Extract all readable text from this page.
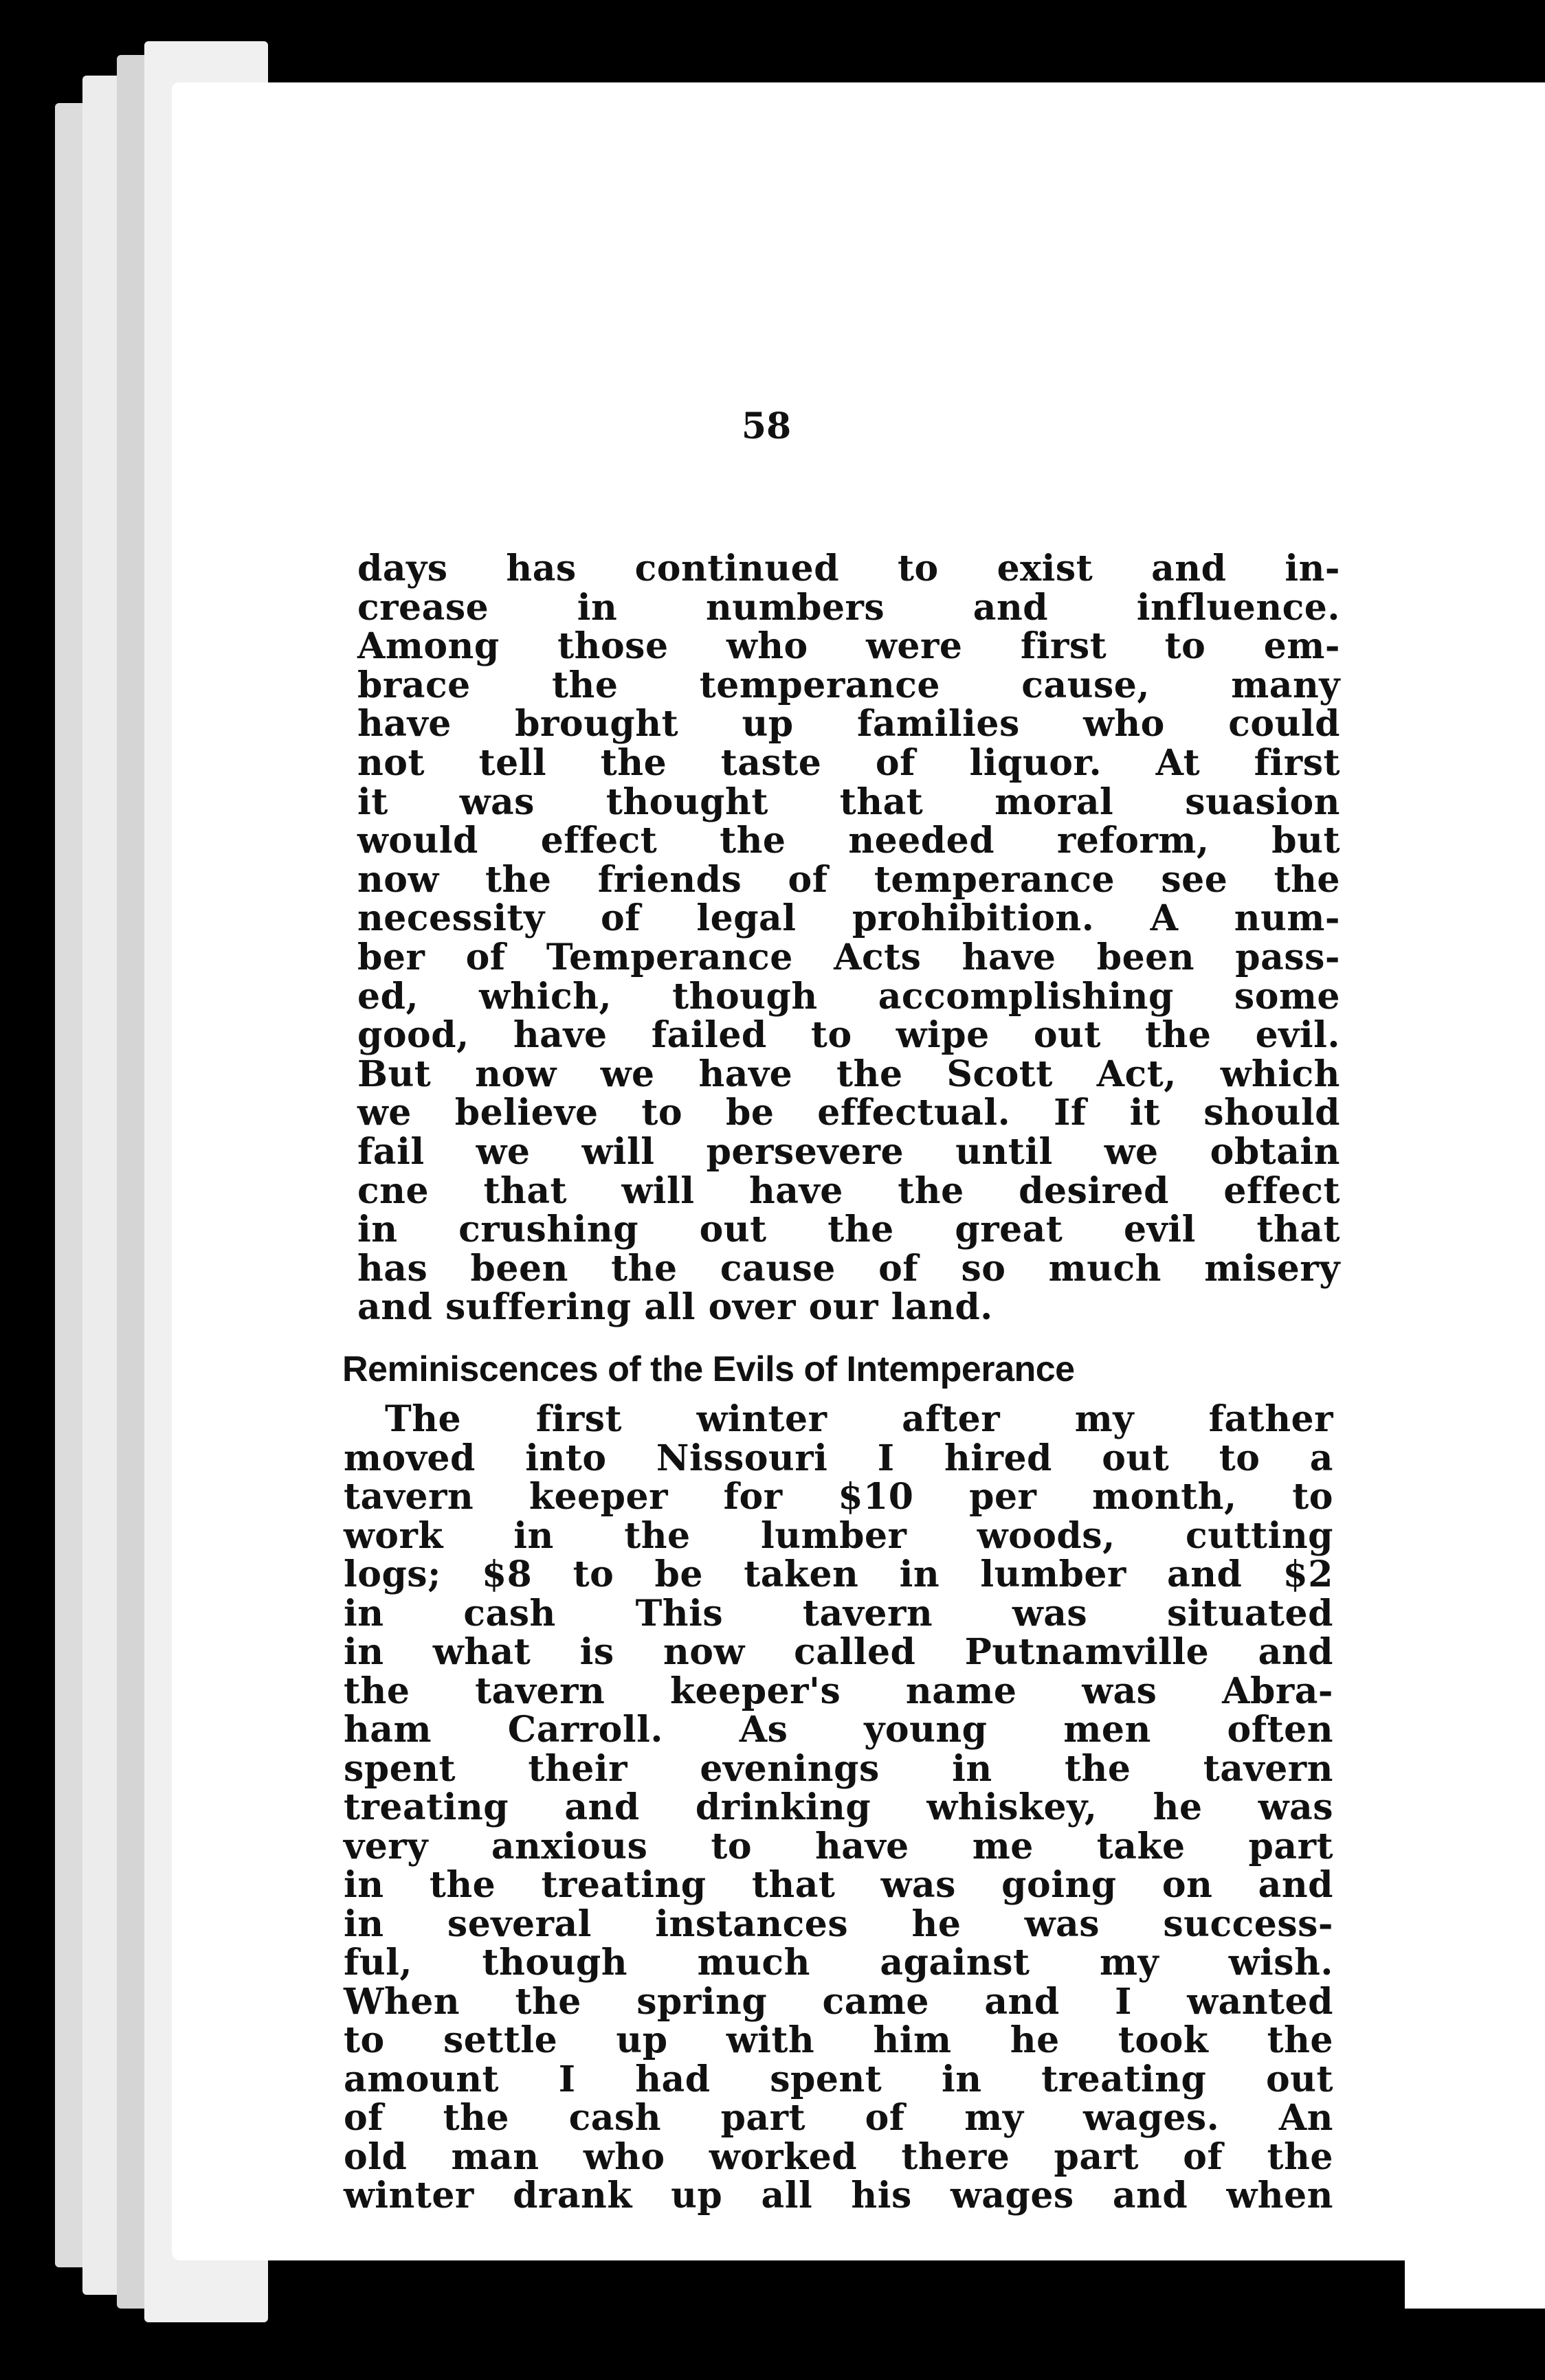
58
days has continued to exist and in-
crease in numbers and influence.
Among those who were first to em-
brace the temperance cause, many
have brought up families who could
not tell the taste of liquor. At first
it was thought that moral suasion
would effect the needed reform, but
now the friends of temperance see the
necessity of legal prohibition. A num-
ber of Temperance Acts have been pass-
ed, which, though accomplishing some
good, have failed to wipe out the evil.
But now we have the Scott Act, which
we believe to be effectual. If it should
fail we will persevere until we obtain
cne that will have the desired effect
in crushing out the great evil that
has been the cause of so much misery
and suffering all over our land.
Reminiscences of the Evils of Intemperance
The first winter after my father
moved into Nissouri I hired out to a
tavern keeper for $10 per month, to
work in the lumber woods, cutting
logs; $8 to be taken in lumber and $2
in cash This tavern was situated
in what is now called Putnamville and
the tavern keeper's name was Abra-
ham Carroll. As young men often
spent their evenings in the tavern
treating and drinking whiskey, he was
very anxious to have me take part
in the treating that was going on and
in several instances he was success-
ful, though much against my wish.
When the spring came and I wanted
to settle up with him he took the
amount I had spent in treating out
of the cash part of my wages. An
old man who worked there part of the
winter drank up all his wages and when
